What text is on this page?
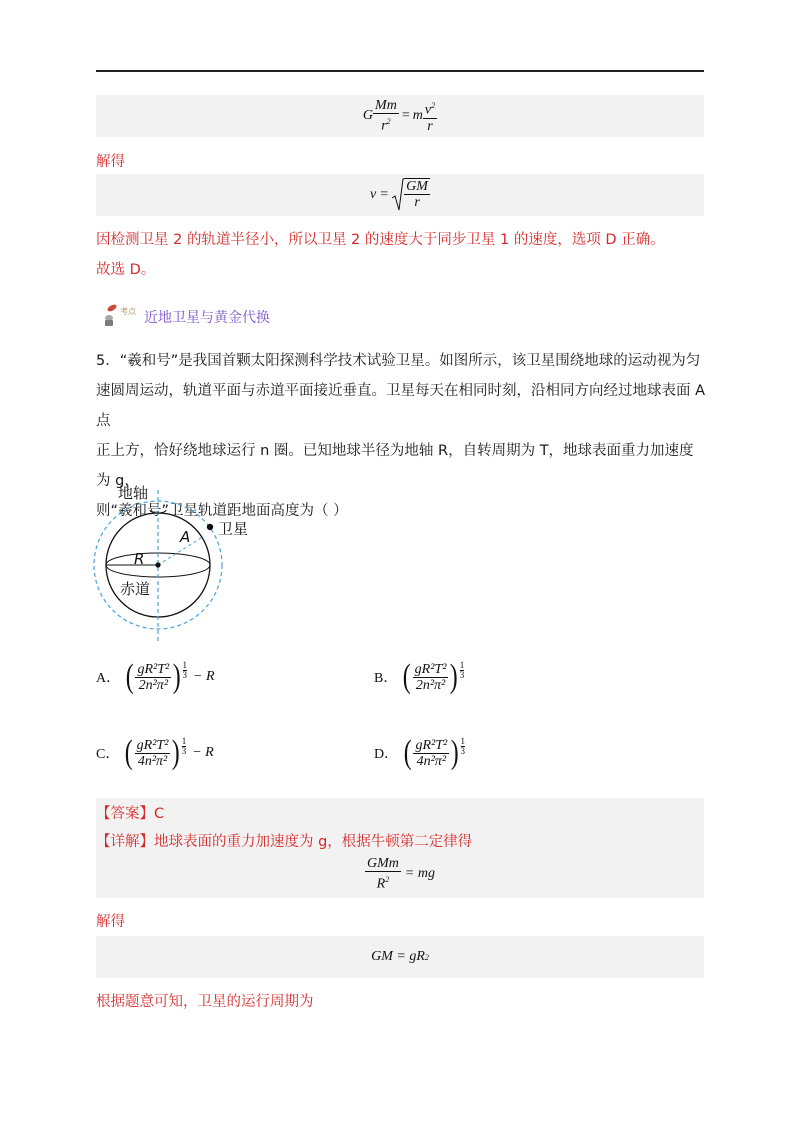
G $\frac{Mm}{r^2} = m \frac{v^2}{r}$
解得
$v = \frac{GM}{r}$
因检测卫星 2 的轨道半径小，所以卫星 2 的速度大于同步卫星 1 的速度，选项 D 正确。
故选 D。
考点 近地卫星与黄金代换
5．“羲和号”是我国首颗太阳探测科学技术试验卫星。如图所示，该卫星围绕地球的运动视为匀
速圆周运动，轨道平面与赤道平面接近垂直。卫星每天在相同时刻，沿相同方向经过地球表面 A 点
正上方，恰好绕地球运行 n 圈。已知地球半径为地轴 R，自转周期为 T，地球表面重力加速度为 g，
则“羲和号”卫星轨道距地面高度为（ ）
地轴
卫星
A
R
赤道
A． ( $\frac{\text{gR²T²}}{\text{2n²π²}}$ ) $\frac{1}{3} - R$	B． ( $\frac{\text{gR²T²}}{\text{2n²π²}}$ ) $\frac{1}{3}$
C． ( $\frac{\text{gR²T²}}{\text{4n²π²}}$ ) $\frac{1}{3} - R$	D． ( $\frac{\text{gR²T²}}{\text{4n²π²}}$ ) $\frac{1}{3}$
【答案】C
【详解】地球表面的重力加速度为 g，根据牛顿第二定律得
$\frac{\text{GMm}}{R^2}$ = mg
解得
GM = gR 2
根据题意可知，卫星的运行周期为
